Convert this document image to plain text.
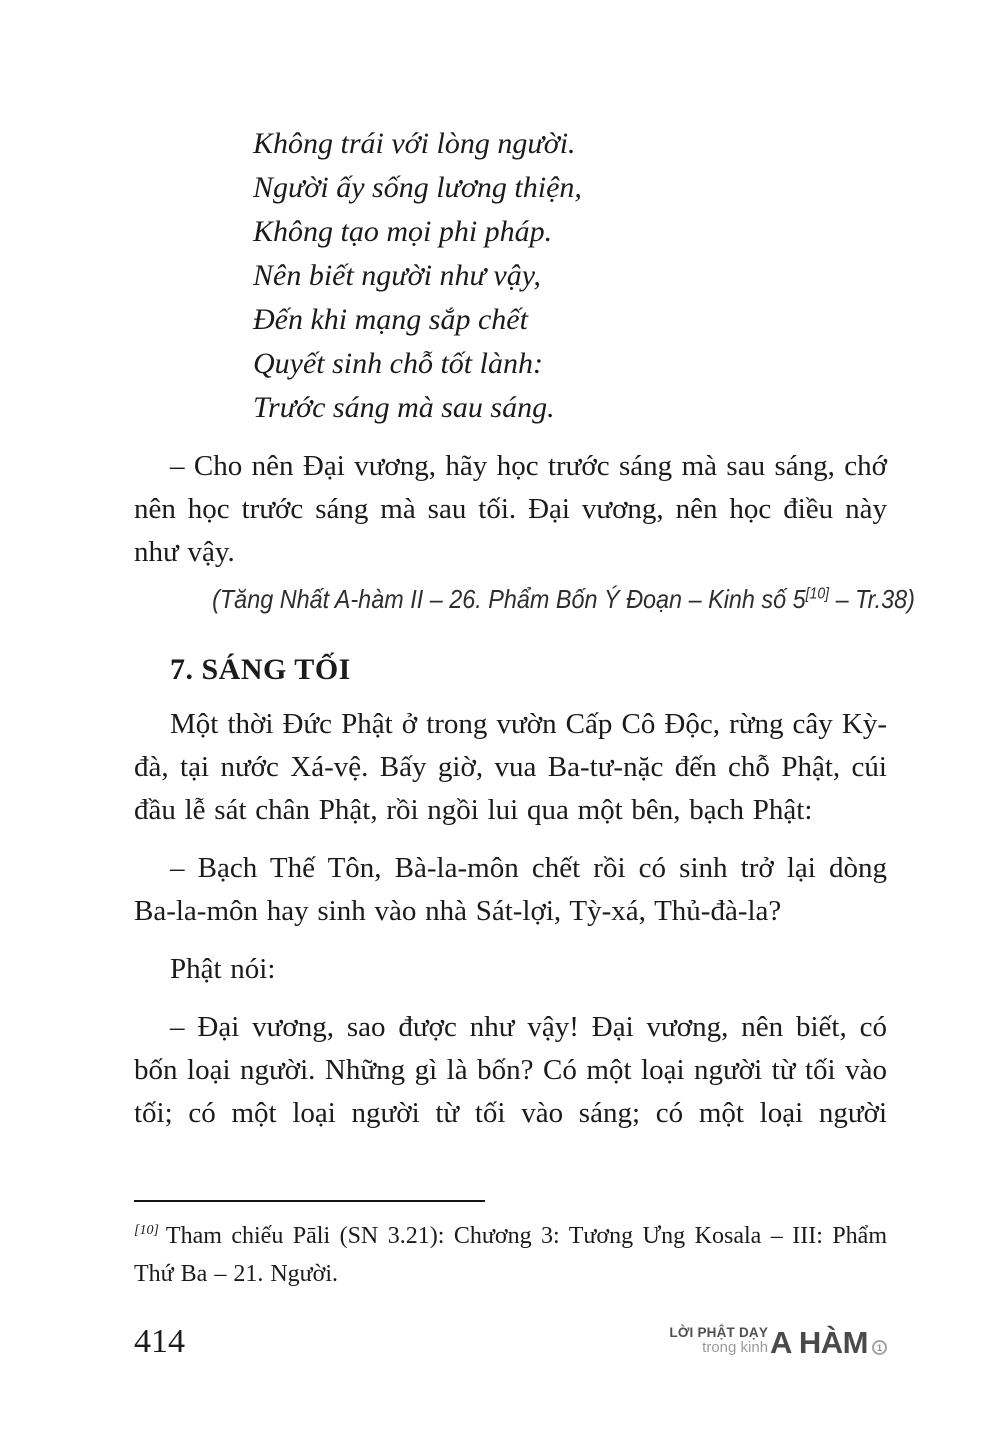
Không trái với lòng người.
Người ấy sống lương thiện,
Không tạo mọi phi pháp.
Nên biết người như vậy,
Đến khi mạng sắp chết
Quyết sinh chỗ tốt lành:
Trước sáng mà sau sáng.

– Cho nên Đại vương, hãy học trước sáng mà sau sáng, chớ nên học trước sáng mà sau tối. Đại vương, nên học điều này như vậy.

(Tăng Nhất A-hàm II – 26. Phẩm Bốn Ý Đoạn – Kinh số 5[10] – Tr.38)
7. SÁNG TỐI

Một thời Đức Phật ở trong vườn Cấp Cô Độc, rừng cây Kỳ-đà, tại nước Xá-vệ. Bấy giờ, vua Ba-tư-nặc đến chỗ Phật, cúi đầu lễ sát chân Phật, rồi ngồi lui qua một bên, bạch Phật:

– Bạch Thế Tôn, Bà-la-môn chết rồi có sinh trở lại dòng Ba-la-môn hay sinh vào nhà Sát-lợi, Tỳ-xá, Thủ-đà-la?

Phật nói:

– Đại vương, sao được như vậy! Đại vương, nên biết, có bốn loại người. Những gì là bốn? Có một loại người từ tối vào tối; có một loại người từ tối vào sáng; có một loại người

[10] Tham chiếu Pāli (SN 3.21): Chương 3: Tương Ưng Kosala – III: Phẩm Thứ Ba – 21. Người.

414	LỜI PHẬT DẠY
trong kinh A HÀM 1
